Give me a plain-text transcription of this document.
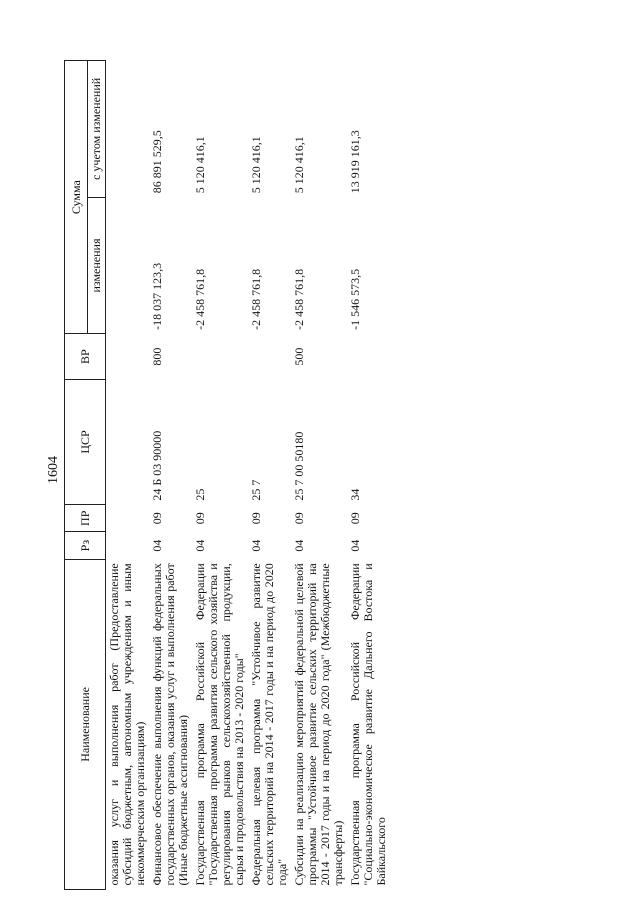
1604
Наименование	Рз	ПР	ЦСР	ВР	Сумма	
					изменения	с учетом изменений
оказания услуг и выполнения работ (Предоставление субсидий бюджетным, автономным учреждениям и иным некоммерческим организациям)						
Финансовое обеспечение выполнения функций федеральных государственных органов, оказания услуг и выполнения работ (Иные бюджетные ассигнования)	04	09	24 Б 03 90000	800	-18 037 123,3	86 891 529,5
Государственная программа Российской Федерации "Государственная программа развития сельского хозяйства и регулирования рынков сельскохозяйственной продукции, сырья и продовольствия на 2013 - 2020 годы"	04	09	25		-2 458 761,8	5 120 416,1
Федеральная целевая программа "Устойчивое развитие сельских территорий на 2014 - 2017 годы и на период до 2020 года"	04	09	25 7		-2 458 761,8	5 120 416,1
Субсидии на реализацию мероприятий федеральной целевой программы "Устойчивое развитие сельских территорий на 2014 - 2017 годы и на период до 2020 года" (Межбюджетные трансферты)	04	09	25 7 00 50180	500	-2 458 761,8	5 120 416,1
Государственная программа Российской Федерации "Социально-экономическое развитие Дальнего Востока и Байкальского	04	09	34		-1 546 573,5	13 919 161,3
